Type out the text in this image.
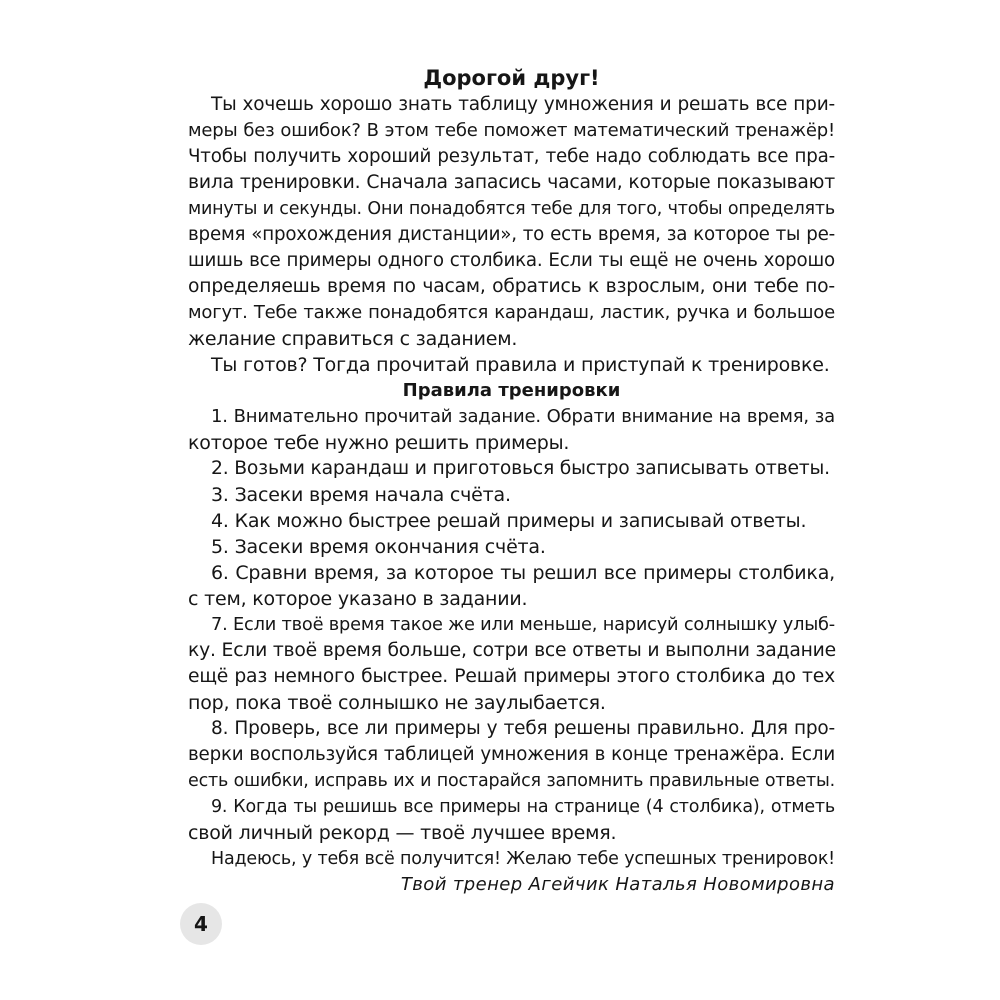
Дорогой друг!
Ты хочешь хорошо знать таблицу умножения и решать все при-
меры без ошибок? В этом тебе поможет математический тренажёр!
Чтобы получить хороший результат, тебе надо соблюдать все пра-
вила тренировки. Сначала запасись часами, которые показывают
минуты и секунды. Они понадобятся тебе для того, чтобы определять
время «прохождения дистанции», то есть время, за которое ты ре-
шишь все примеры одного столбика. Если ты ещё не очень хорошо
определяешь время по часам, обратись к взрослым, они тебе по-
могут. Тебе также понадобятся карандаш, ластик, ручка и большое
желание справиться с заданием.
Ты готов? Тогда прочитай правила и приступай к тренировке.
Правила тренировки
1. Внимательно прочитай задание. Обрати внимание на время, за
которое тебе нужно решить примеры.
2. Возьми карандаш и приготовься быстро записывать ответы.
3. Засеки время начала счёта.
4. Как можно быстрее решай примеры и записывай ответы.
5. Засеки время окончания счёта.
6. Сравни время, за которое ты решил все примеры столбика,
с тем, которое указано в задании.
7. Если твоё время такое же или меньше, нарисуй солнышку улыб-
ку. Если твоё время больше, сотри все ответы и выполни задание
ещё раз немного быстрее. Решай примеры этого столбика до тех
пор, пока твоё солнышко не заулыбается.
8. Проверь, все ли примеры у тебя решены правильно. Для про-
верки воспользуйся таблицей умножения в конце тренажёра. Если
есть ошибки, исправь их и постарайся запомнить правильные ответы.
9. Когда ты решишь все примеры на странице (4 столбика), отметь
свой личный рекорд — твоё лучшее время.
Надеюсь, у тебя всё получится! Желаю тебе успешных тренировок!
Твой тренер Агейчик Наталья Новомировна
4
